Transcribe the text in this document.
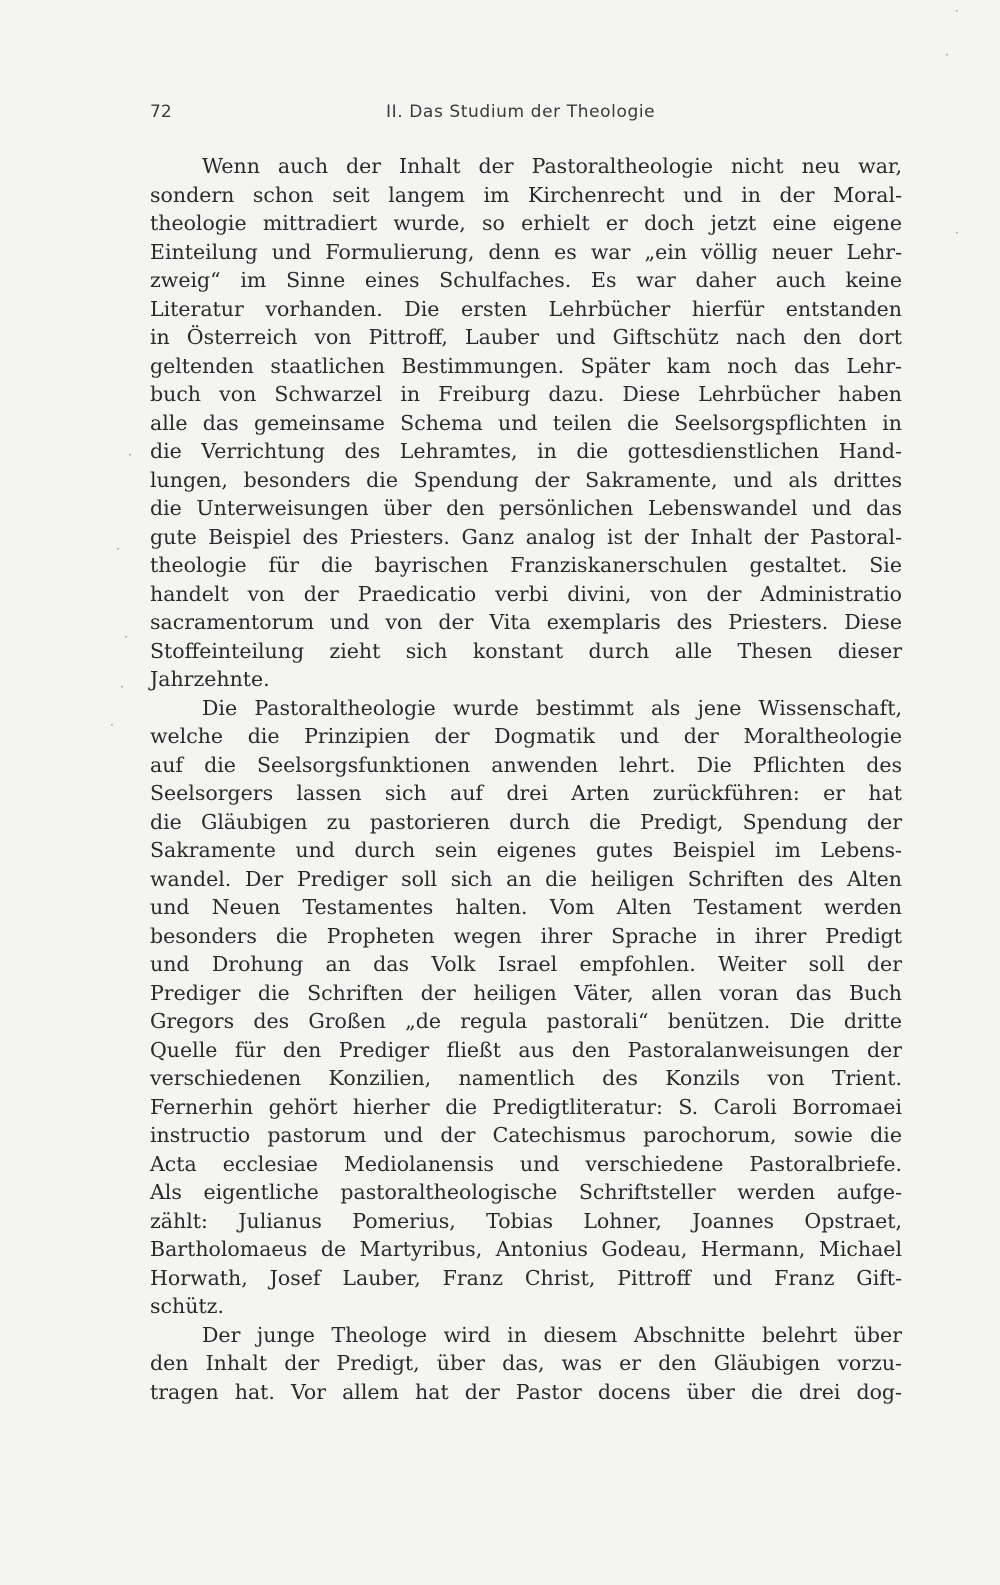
72	II. Das Studium der Theologie
Wenn auch der Inhalt der Pastoraltheologie nicht neu war,
sondern schon seit langem im Kirchenrecht und in der Moral-
theologie mittradiert wurde, so erhielt er doch jetzt eine eigene
Einteilung und Formulierung, denn es war „ein völlig neuer Lehr-
zweig“ im Sinne eines Schulfaches. Es war daher auch keine
Literatur vorhanden. Die ersten Lehrbücher hierfür entstanden
in Österreich von Pittroff, Lauber und Giftschütz nach den dort
geltenden staatlichen Bestimmungen. Später kam noch das Lehr-
buch von Schwarzel in Freiburg dazu. Diese Lehrbücher haben
alle das gemeinsame Schema und teilen die Seelsorgspflichten in
die Verrichtung des Lehramtes, in die gottesdienstlichen Hand-
lungen, besonders die Spendung der Sakramente, und als drittes
die Unterweisungen über den persönlichen Lebenswandel und das
gute Beispiel des Priesters. Ganz analog ist der Inhalt der Pastoral-
theologie für die bayrischen Franziskanerschulen gestaltet. Sie
handelt von der Praedicatio verbi divini, von der Administratio
sacramentorum und von der Vita exemplaris des Priesters. Diese
Stoffeinteilung zieht sich konstant durch alle Thesen dieser
Jahrzehnte.
Die Pastoraltheologie wurde bestimmt als jene Wissenschaft,
welche die Prinzipien der Dogmatik und der Moraltheologie
auf die Seelsorgsfunktionen anwenden lehrt. Die Pflichten des
Seelsorgers lassen sich auf drei Arten zurückführen: er hat
die Gläubigen zu pastorieren durch die Predigt, Spendung der
Sakramente und durch sein eigenes gutes Beispiel im Lebens-
wandel. Der Prediger soll sich an die heiligen Schriften des Alten
und Neuen Testamentes halten. Vom Alten Testament werden
besonders die Propheten wegen ihrer Sprache in ihrer Predigt
und Drohung an das Volk Israel empfohlen. Weiter soll der
Prediger die Schriften der heiligen Väter, allen voran das Buch
Gregors des Großen „de regula pastorali“ benützen. Die dritte
Quelle für den Prediger fließt aus den Pastoralanweisungen der
verschiedenen Konzilien, namentlich des Konzils von Trient.
Fernerhin gehört hierher die Predigtliteratur: S. Caroli Borromaei
instructio pastorum und der Catechismus parochorum, sowie die
Acta ecclesiae Mediolanensis und verschiedene Pastoralbriefe.
Als eigentliche pastoraltheologische Schriftsteller werden aufge-
zählt: Julianus Pomerius, Tobias Lohner, Joannes Opstraet,
Bartholomaeus de Martyribus, Antonius Godeau, Hermann, Michael
Horwath, Josef Lauber, Franz Christ, Pittroff und Franz Gift-
schütz.
Der junge Theologe wird in diesem Abschnitte belehrt über
den Inhalt der Predigt, über das, was er den Gläubigen vorzu-
tragen hat. Vor allem hat der Pastor docens über die drei dog-
·
·
·
·
·
·
·
·
